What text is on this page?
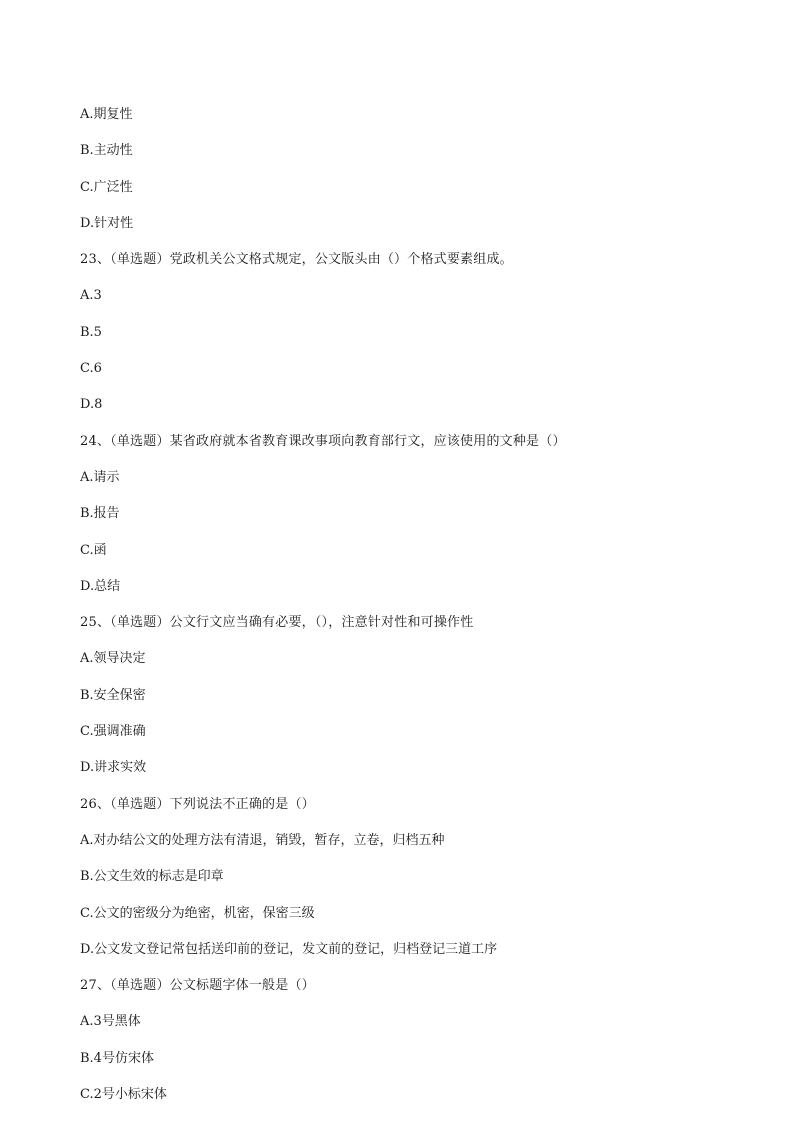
A.期复性
B.主动性
C.广泛性
D.针对性
23、（单选题）党政机关公文格式规定，公文版头由（）个格式要素组成。
A.3
B.5
C.6
D.8
24、（单选题）某省政府就本省教育课改事项向教育部行文，应该使用的文种是（）
A.请示
B.报告
C.函
D.总结
25、（单选题）公文行文应当确有必要，（），注意针对性和可操作性
A.领导决定
B.安全保密
C.强调准确
D.讲求实效
26、（单选题）下列说法不正确的是（）
A.对办结公文的处理方法有清退，销毁，暂存，立卷，归档五种
B.公文生效的标志是印章
C.公文的密级分为绝密，机密，保密三级
D.公文发文登记常包括送印前的登记，发文前的登记，归档登记三道工序
27、（单选题）公文标题字体一般是（）
A.3号黑体
B.4号仿宋体
C.2号小标宋体
